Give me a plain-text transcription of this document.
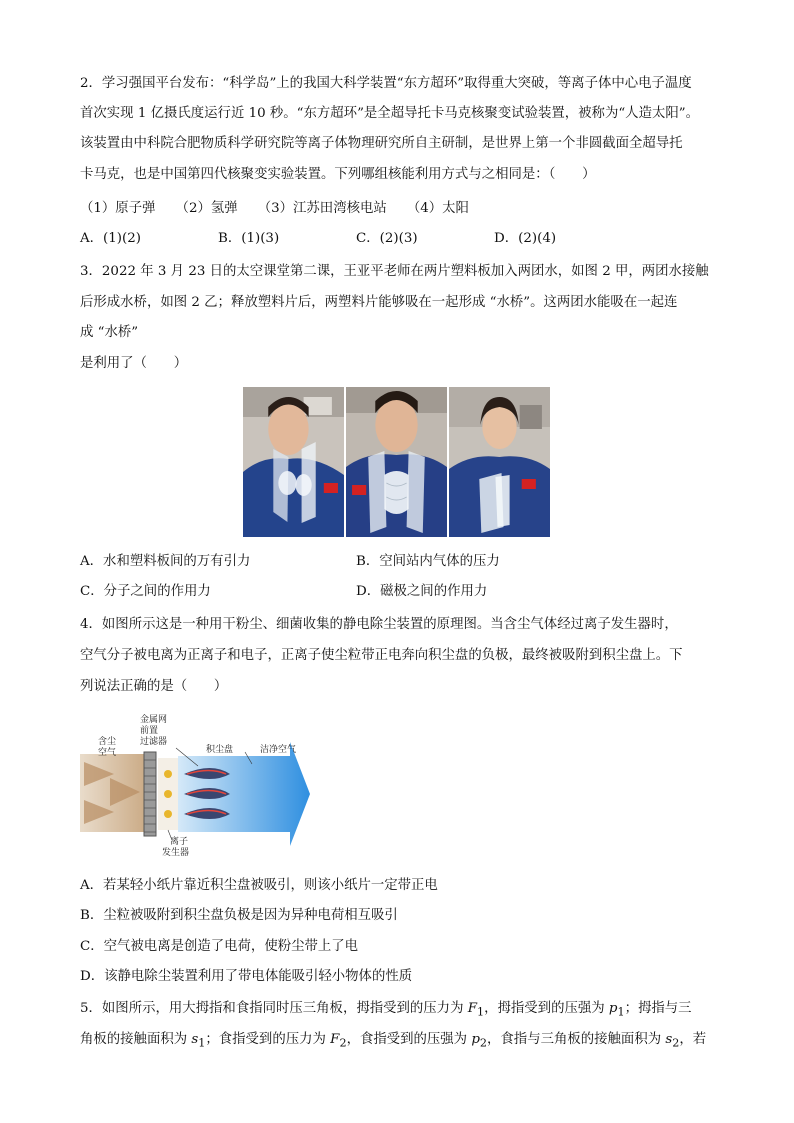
2．学习强国平台发布：“科学岛”上的我国大科学装置“东方超环”取得重大突破，等离子体中心电子温度
首次实现 1 亿摄氏度运行近 10 秒。“东方超环”是全超导托卡马克核聚变试验装置，被称为“人造太阳”。
该装置由中科院合肥物质科学研究院等离子体物理研究所自主研制，是世界上第一个非圆截面全超导托
卡马克，也是中国第四代核聚变实验装置。下列哪组核能利用方式与之相同是：（　　）
（1）原子弹　　（2）氢弹　　（3）江苏田湾核电站　　（4）太阳
A．(1)(2)	B．(1)(3)	C．(2)(3)	D．(2)(4)
3．2022 年 3 月 23 日的太空课堂第二课，王亚平老师在两片塑料板加入两团水，如图 2 甲，两团水接触
后形成水桥，如图 2 乙；释放塑料片后，两塑料片能够吸在一起形成 “水桥”。这两团水能吸在一起连
成 “水桥”
是利用了（　　）
A．水和塑料板间的万有引力	B．空间站内气体的压力
C．分子之间的作用力	D．磁极之间的作用力
4．如图所示这是一种用干粉尘、细菌收集的静电除尘装置的原理图。当含尘气体经过离子发生器时，
空气分子被电离为正离子和电子，正离子使尘粒带正电奔向积尘盘的负极，最终被吸附到积尘盘上。下
列说法正确的是（　　）
含尘
空气
金属网
前置
过滤器
积尘盘	洁净空气
离子
发生器
A．若某轻小纸片靠近积尘盘被吸引，则该小纸片一定带正电
B．尘粒被吸附到积尘盘负极是因为异种电荷相互吸引
C．空气被电离是创造了电荷，使粉尘带上了电
D．该静电除尘装置利用了带电体能吸引轻小物体的性质
5．如图所示，用大拇指和食指同时压三角板，拇指受到的压力为 $F_1$，拇指受到的压强为 $p_1$；拇指与三
角板的接触面积为 $s_1$；食指受到的压力为 $F_2$，食指受到的压强为 $p_2$，食指与三角板的接触面积为 $s_2$，若
